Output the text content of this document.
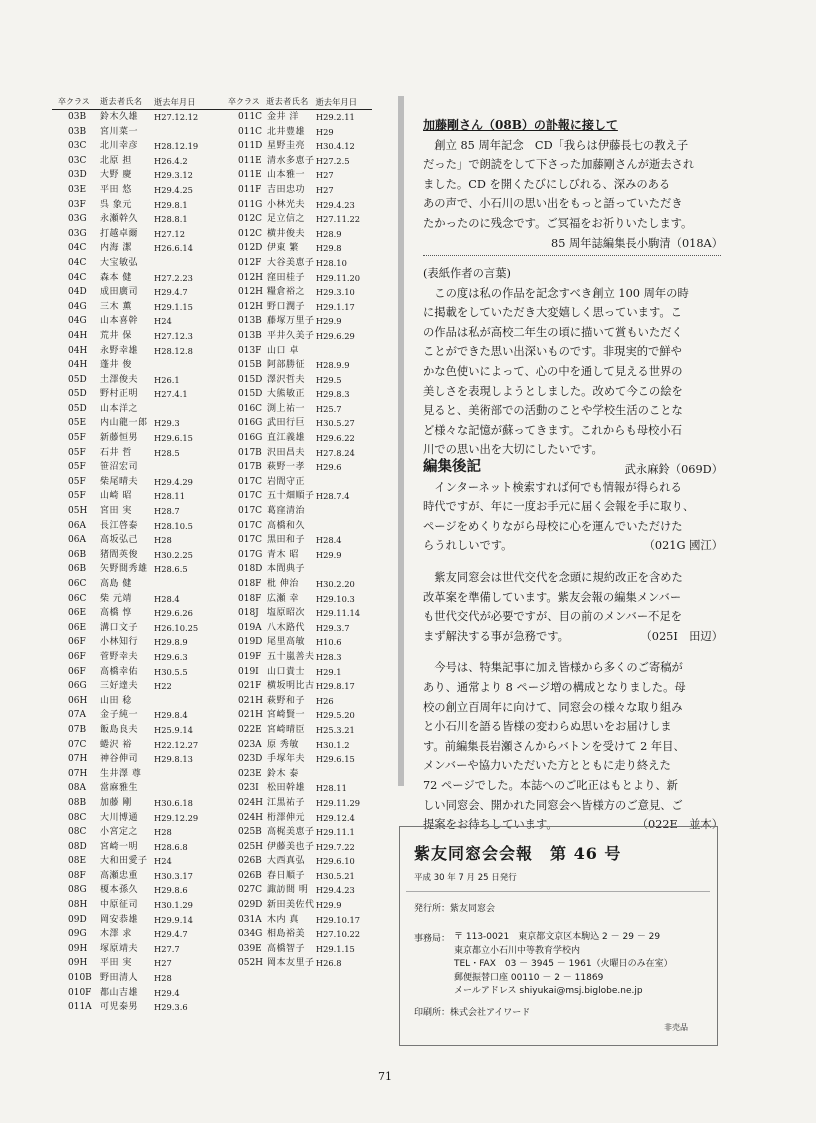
卒クラス	逝去者氏名	逝去年月日
03B	鈴木久雄	H27.12.12
03B	宮川菜一
03C	北川幸彦	H28.12.19
03C	北原 担	H26.4.2
03D	大野 慶	H29.3.12
03E	平田 悠	H29.4.25
03F	呉 象元	H29.8.1
03G	永瀬幹久	H28.8.1
03G	打越卓爾	H27.12
04C	内海 潔	H26.6.14
04C	大宝敏弘
04C	森本 健	H27.2.23
04D	成田廣司	H29.4.7
04G	三木 薫	H29.1.15
04G	山本喜幹	H24
04H	荒井 保	H27.12.3
04H	永野幸雄	H28.12.8
04H	蓬井 俊
05D	土澤俊夫	H26.1
05D	野村正明	H27.4.1
05D	山本洋之
05E	内山龍一郎 H29.3
05F	新藤恒男	H29.6.15
05F	石井 哲	H28.5
05F	笹沼宏司
05F	柴尾晴夫	H29.4.29
05F	山崎 昭	H28.11
05H	宮田 実	H28.7
06A	長江啓泰	H28.10.5
06A	高坂弘己	H28
06B	猪間英俊	H30.2.25
06B	矢野間秀雄 H28.6.5
06C	高島 健
06C	柴 元靖	H28.4
06E	高橋 惇	H29.6.26
06E	溝口文子	H26.10.25
06F	小林知行	H29.8.9
06F	菅野幸夫	H29.6.3
06F	高橋幸佑	H30.5.5
06G	三好達夫	H22
06H	山田 稔
07A	金子純一	H29.8.4
07B	飯島良夫	H25.9.14
07C	蜷沢 裕	H22.12.27
07H	神谷伸司	H29.8.13
07H	生井澤 尊
08A	當麻雅生
08B	加藤 剛	H30.6.18
08C	大川博通	H29.12.29
08C	小宮定之	H28
08D	宮崎一明	H28.6.8
08E	大和田愛子 H24
08F	高瀬忠重	H30.3.17
08G	榎本孫久	H29.8.6
08H	中原征司	H30.1.29
09D	岡安恭雄	H29.9.14
09G	木澤 求	H29.4.7
09H	塚原靖夫	H27.7
09H	平田 実	H27
010B 野田清人	H28
010F 都山吉雄	H29.4
011A 可児泰男	H29.3.6
卒クラス 逝去者氏名 逝去年月日
011C 金井 洋	H29.2.11
011C 北井豊雄	H29
011D 星野圭亮	H30.4.12
011E 清水多恵子 H27.2.5
011E 山本雅一	H27
011F 吉田忠功	H27
011G 小林光夫	H29.4.23
012C 足立信之	H27.11.22
012C 横井俊夫	H28.9
012D 伊東 繁	H29.8
012F 大谷美恵子 H28.10
012H 窪田桂子	H29.11.20
012H 糧倉裕之	H29.3.10
012H 野口潤子	H29.1.17
013B 藤塚万里子 H29.9
013B 平井久美子 H29.6.29
013F 山口 卓
015B 阿部勝征	H28.9.9
015D 澤沢哲夫	H29.5
015D 大熊敏正	H29.8.3
016C 渕上祐一	H25.7
016G 武田行巨	H30.5.27
016G 直江義雄	H29.6.22
017B 沢田昌夫	H27.8.24
017B 萩野一孝	H29.6
017C 岩間守正
017C 五十畑順子 H28.7.4
017C 葛窪清治
017C 高橋和久
017C 黒田和子	H28.4
017G 青木 昭	H29.9
018D 本間典子
018F 枇 伸治	H30.2.20
018F 広瀬 幸	H29.10.3
018J 塩原昭次	H29.11.14
019A 八木路代	H29.3.7
019D 尾里高敏	H10.6
019F 五十嵐善夫 H28.3
019I 山口貴士	H29.1
021F 横坂明比古 H29.8.17
021H 萩野和子	H26
021H 宮崎賢一	H29.5.20
022E 宮崎晴臣	H25.3.21
023A 原 秀敏	H30.1.2
023D 手塚年夫	H29.6.15
023E 鈴木 泰
023I 松田幹雄	H28.11
024H 江黒祐子	H29.11.29
024H 桁澤伸元	H29.12.4
025B 高梶美恵子 H29.11.1
025H 伊藤美也子 H29.7.22
026B 大西真弘	H29.6.10
026B 春日順子	H30.5.21
027C 諏訪間 明 H29.4.23
029D 新田美佐代 H29.9
031A 木内 真	H29.10.17
034G 相島裕美	H27.10.22
039E 高橋智子	H29.1.15
052H 岡本友里子 H26.8

加藤剛さん（08B）の訃報に接して

創立 85 周年記念　CD「我らは伊藤長七の教え子
だった」で朗読をして下さった加藤剛さんが逝去され
ました。CD を開くたびにしびれる、深みのある
あの声で、小石川の思い出をもっと語っていただき
たかったのに残念です。ご冥福をお祈りいたします。

85 周年誌編集長小駒清（018A）

(表紙作者の言葉)

この度は私の作品を記念すべき創立 100 周年の時
に掲載をしていただき大変嬉しく思っています。こ
の作品は私が高校二年生の頃に描いて賞もいただく
ことができた思い出深いものです。非現実的で鮮や
かな色使いによって、心の中を通して見える世界の
美しさを表現しようとしました。改めて今この絵を
見ると、美術部での活動のことや学校生活のことな
ど様々な記憶が蘇ってきます。これからも母校小石
川での思い出を大切にしたいです。

武永麻鈴（069D）

編集後記

インターネット検索すれば何でも情報が得られる
時代ですが、年に一度お手元に届く会報を手に取り、
ページをめくりながら母校に心を運んでいただけた
らうれしいです。	（021G 國江）
紫友同窓会は世代交代を念頭に規約改正を含めた
改革案を準備しています。紫友会報の編集メンバー
も世代交代が必要ですが、目の前のメンバー不足を
まず解決する事が急務です。	（025I　田辺）
今号は、特集記事に加え皆様から多くのご寄稿が
あり、通常より 8 ページ増の構成となりました。母
校の創立百周年に向けて、同窓会の様々な取り組み
と小石川を語る皆様の変わらぬ思いをお届けしま
す。前編集長岩瀬さんからバトンを受けて 2 年目、
メンバーや協力いただいた方とともに走り終えた
72 ページでした。本誌へのご叱正はもとより、新
しい同窓会、開かれた同窓会へ皆様方のご意見、ご
提案をお待ちしています。	（022E　並木）
紫友同窓会会報　第 46 号
平成 30 年 7 月 25 日発行
発行所：紫友同窓会
事務局： 〒 113-0021　東京都文京区本駒込 2 － 29 － 29
東京都立小石川中等教育学校内
TEL・FAX　03 － 3945 － 1961（火曜日のみ在室）
郵便振替口座 00110 － 2 － 11869
メールアドレス shiyukai@msj.biglobe.ne.jp
印刷所：株式会社アイワード
非売品
71
